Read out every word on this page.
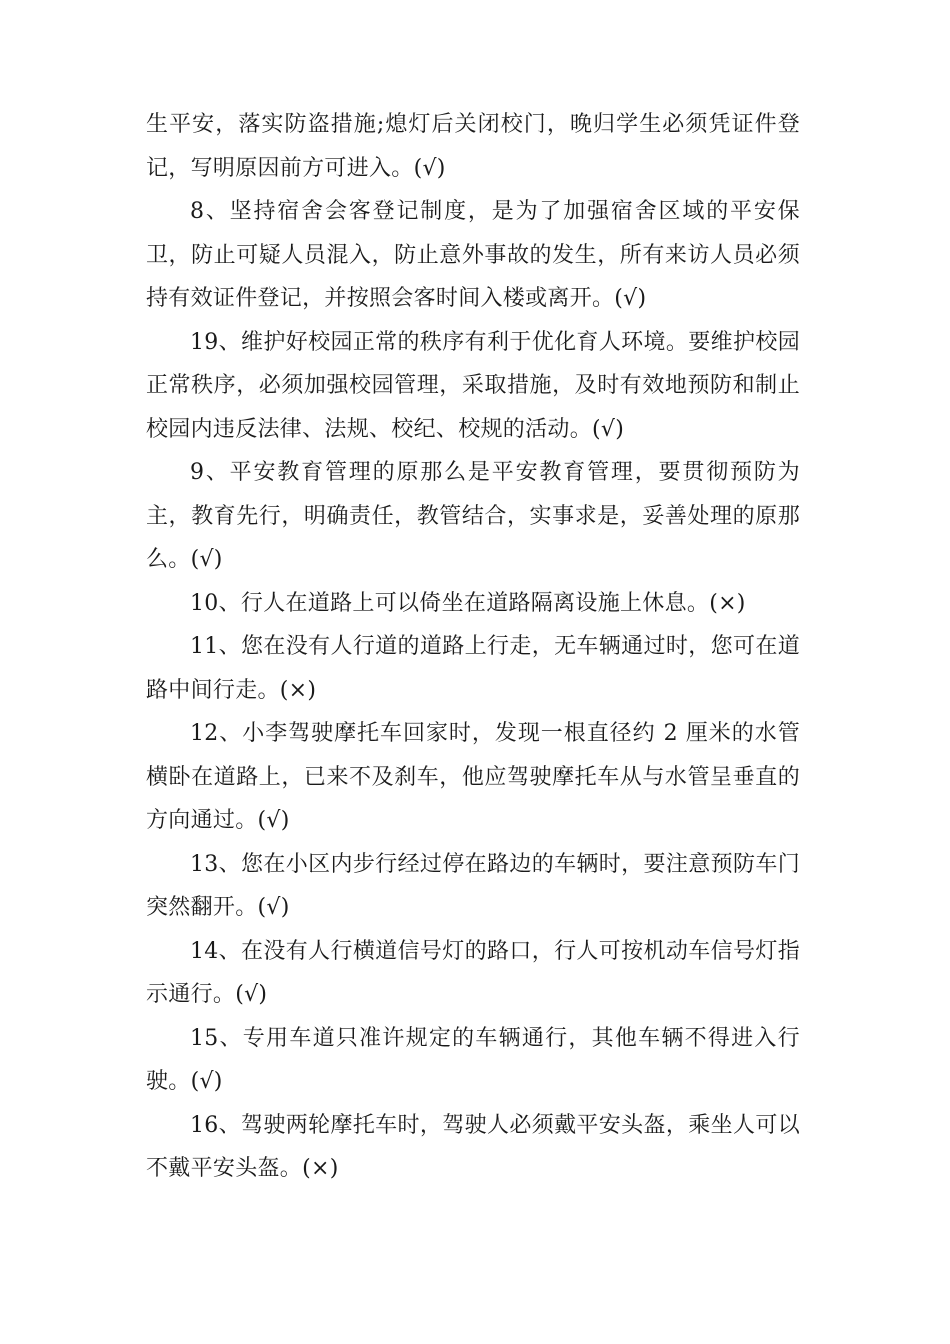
生平安，落实防盗措施;熄灯后关闭校门，晚归学生必须凭证件登记，写明原因前方可进入。(√)

8、坚持宿舍会客登记制度，是为了加强宿舍区域的平安保卫，防止可疑人员混入，防止意外事故的发生，所有来访人员必须持有效证件登记，并按照会客时间入楼或离开。(√)

19、维护好校园正常的秩序有利于优化育人环境。要维护校园正常秩序，必须加强校园管理，采取措施，及时有效地预防和制止校园内违反法律、法规、校纪、校规的活动。(√)

9、平安教育管理的原那么是平安教育管理，要贯彻预防为主，教育先行，明确责任，教管结合，实事求是，妥善处理的原那么。(√)

10、行人在道路上可以倚坐在道路隔离设施上休息。(×)

11、您在没有人行道的道路上行走，无车辆通过时，您可在道路中间行走。(×)

12、小李驾驶摩托车回家时，发现一根直径约 2 厘米的水管横卧在道路上，已来不及刹车，他应驾驶摩托车从与水管呈垂直的方向通过。(√)

13、您在小区内步行经过停在路边的车辆时，要注意预防车门突然翻开。(√)

14、在没有人行横道信号灯的路口，行人可按机动车信号灯指示通行。(√)

15、专用车道只准许规定的车辆通行，其他车辆不得进入行驶。(√)

16、驾驶两轮摩托车时，驾驶人必须戴平安头盔，乘坐人可以不戴平安头盔。(×)
